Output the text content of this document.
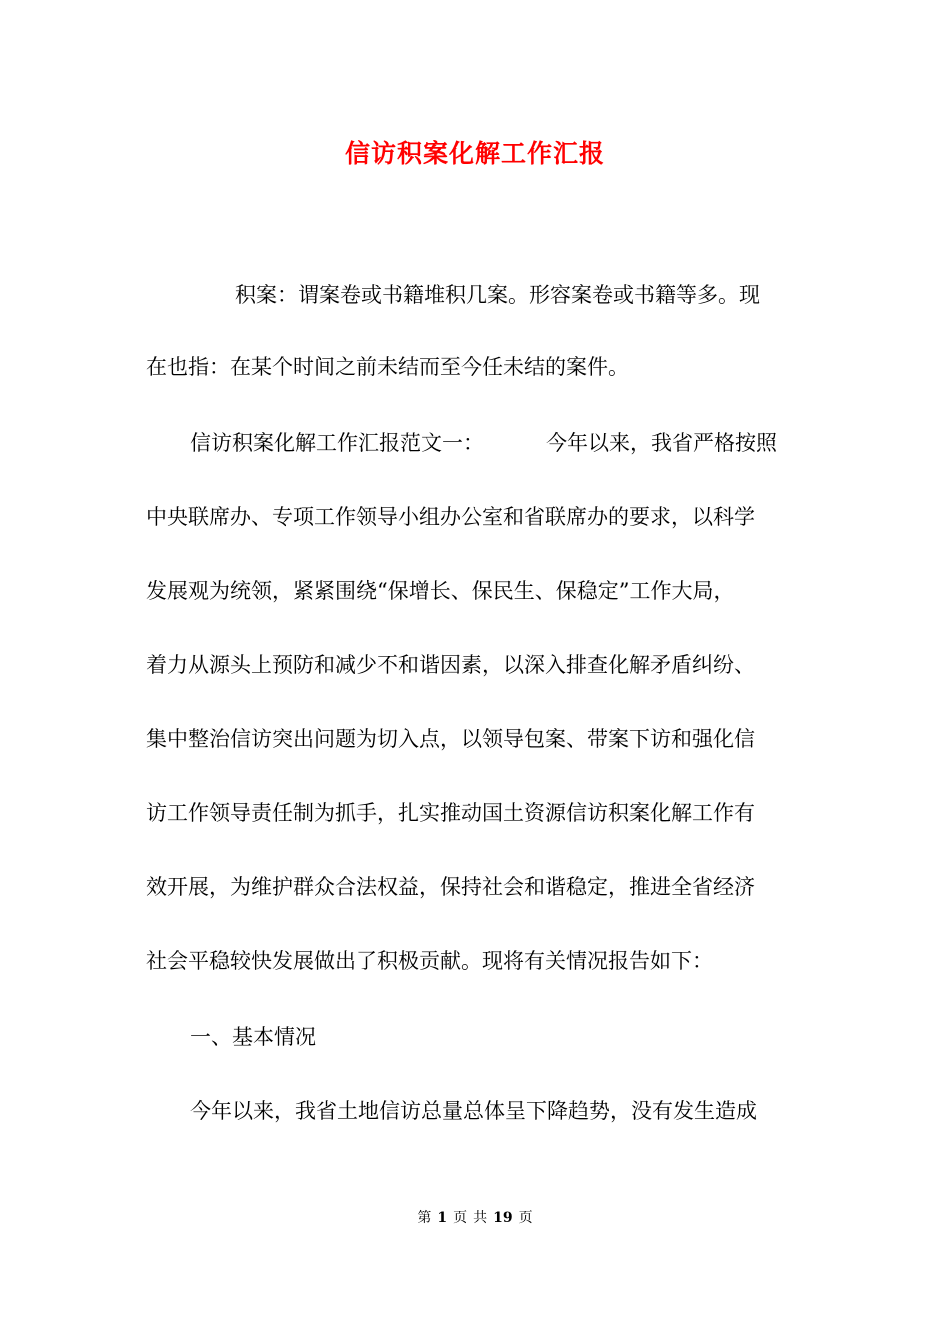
信访积案化解工作汇报
积案：谓案卷或书籍堆积几案。形容案卷或书籍等多。现
在也指：在某个时间之前未结而至今任未结的案件。
信访积案化解工作汇报范文一：	今年以来，我省严格按照
中央联席办、专项工作领导小组办公室和省联席办的要求，以科学
发展观为统领，紧紧围绕“保增长、保民生、保稳定”工作大局，
着力从源头上预防和减少不和谐因素，以深入排查化解矛盾纠纷、
集中整治信访突出问题为切入点，以领导包案、带案下访和强化信
访工作领导责任制为抓手，扎实推动国土资源信访积案化解工作有
效开展，为维护群众合法权益，保持社会和谐稳定，推进全省经济
社会平稳较快发展做出了积极贡献。现将有关情况报告如下：
一、基本情况
今年以来，我省土地信访总量总体呈下降趋势，没有发生造成
第 1 页 共 19 页
